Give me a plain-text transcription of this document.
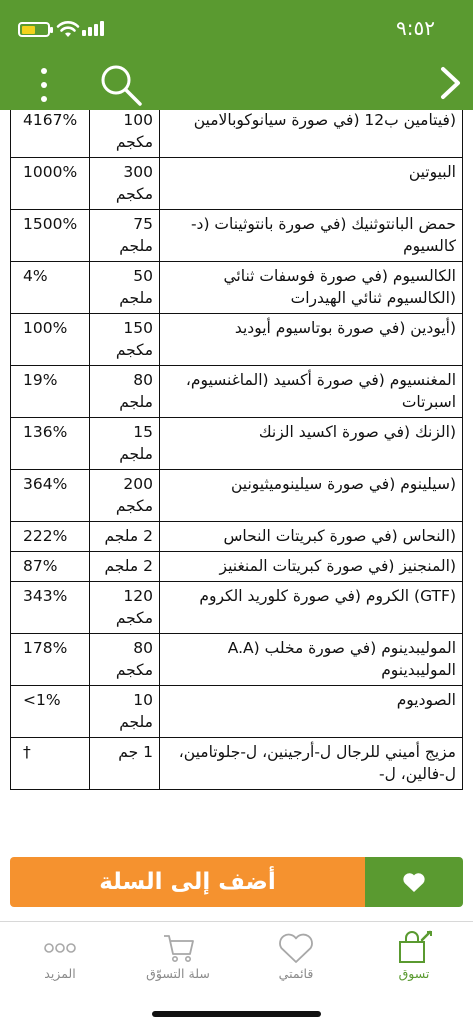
٩:٥٢
(فيتامين ب12 (في صورة سيانوكوبالامين	100 مكجم	4167%

البيوتين	300 مكجم	1000%

حمض البانتوثنيك (في صورة بانتوثينات (د-كالسيوم	75 ملجم	1500%

الكالسيوم (في صورة فوسفات ثنائي (الكالسيوم ثنائي الهيدرات	50 ملجم	4%

(أيودين (في صورة بوتاسيوم أيوديد	150 مكجم	100%

المغنسيوم (في صورة أكسيد (الماغنسيوم، اسبرتات	80 ملجم	19%

(الزنك (في صورة اكسيد الزنك	15 ملجم	136%

(سيلينوم (في صورة سيلينوميثيونين	200 مكجم	364%

(النحاس (في صورة كبريتات النحاس	2 ملجم	222%

(المنجنيز (في صورة كبريتات المنغنيز	2 ملجم	87%

(GTF) الكروم (في صورة كلوريد الكروم	120 مكجم	343%

الموليبدينوم (في صورة مخلب (A.A الموليبدينوم	80 مكجم	178%

الصوديوم	10 ملجم	<1%

مزيج أميني للرجال ل-أرجينين، ل-جلوتامين، ل-فالين، ل-	1 جم	†
أضف إلى السلة
تسوق
قائمتي
سلة التسوّق
المزيد
